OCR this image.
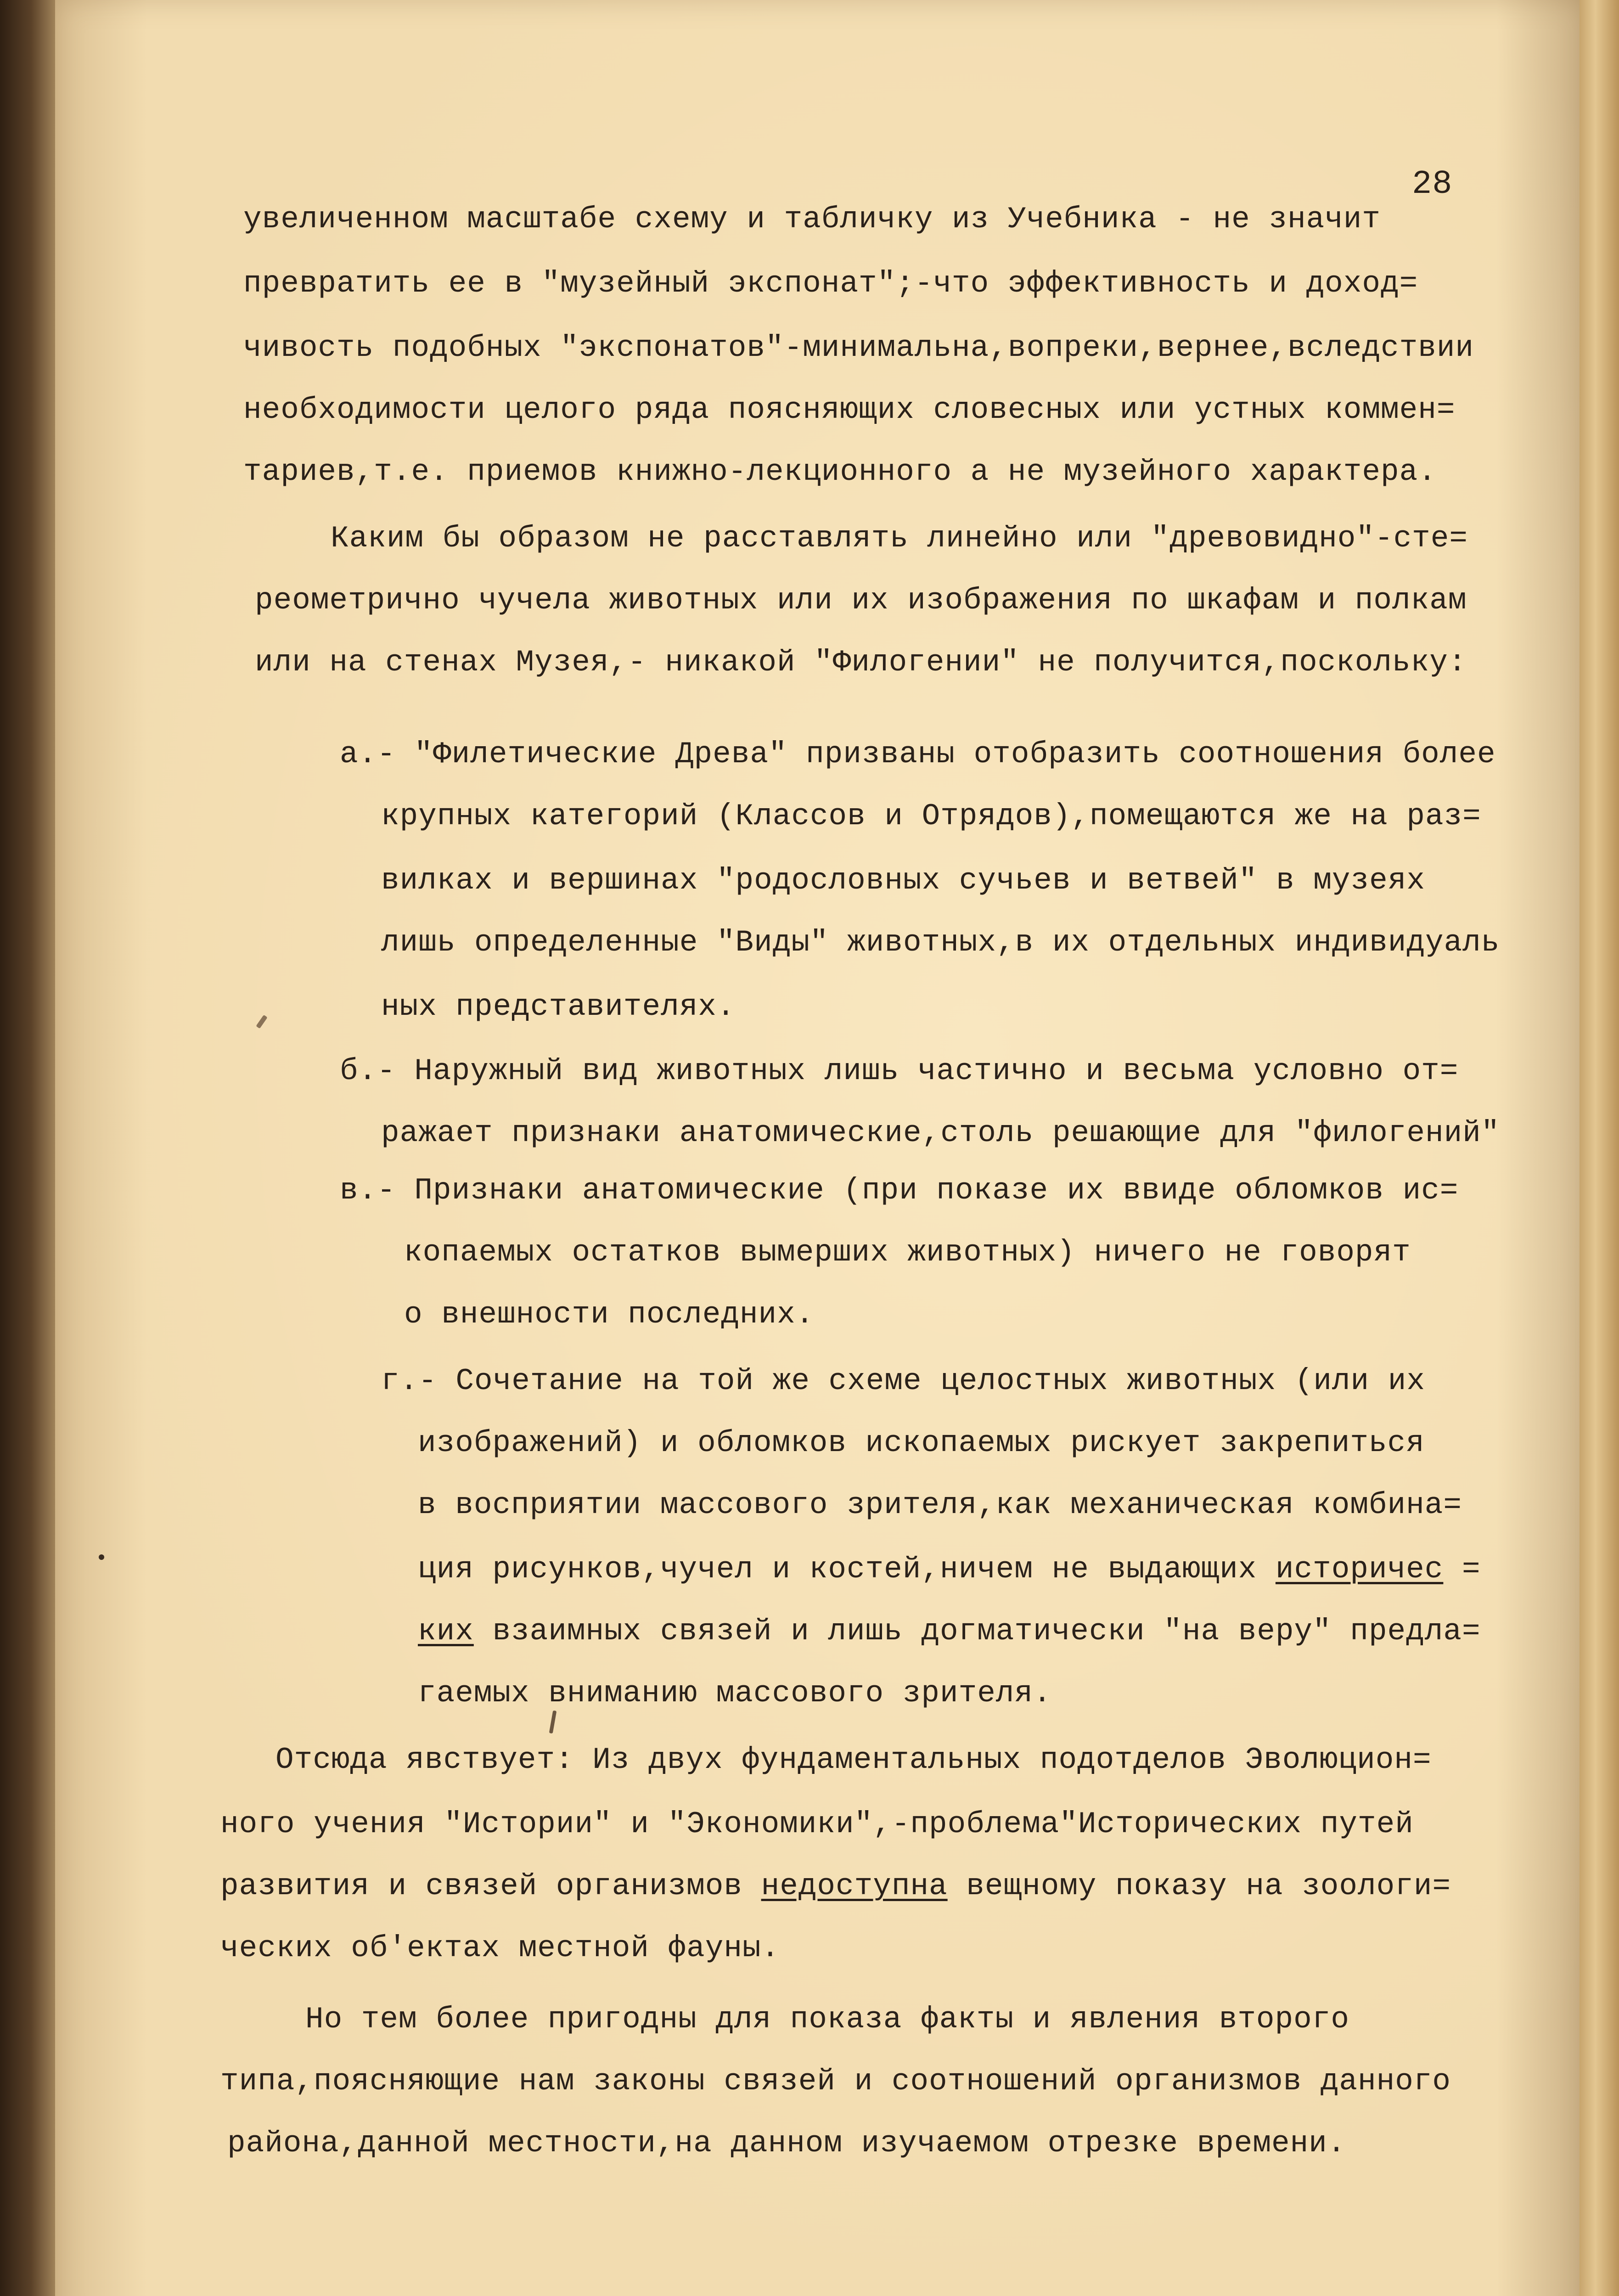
28
увеличенном масштабе схему и табличку из Учебника - не значит
превратить ее в "музейный экспонат";-что эффективность и доход=
чивость подобных "экспонатов"-минимальна,вопреки,вернее,вследствии
необходимости целого ряда поясняющих словесных или устных коммен=
тариев,т.е. приемов книжно-лекционного а не музейного характера.
Каким бы образом не расставлять линейно или "древовидно"-сте=
реометрично чучела животных или их изображения по шкафам и полкам
или на стенах Музея,- никакой "Филогении" не получится,поскольку:
а.- "Филетические Древа" призваны отобразить соотношения более
крупных категорий (Классов и Отрядов),помещаются же на раз=
вилках и вершинах "родословных сучьев и ветвей" в музеях
лишь определенные "Виды" животных,в их отдельных индивидуаль
ных представителях.
б.- Наружный вид животных лишь частично и весьма условно от=
ражает признаки анатомические,столь решающие для "филогений"
в.- Признаки анатомические (при показе их ввиде обломков ис=
копаемых остатков вымерших животных) ничего не говорят
о внешности последних.
г.- Сочетание на той же схеме целостных животных (или их
изображений) и обломков ископаемых рискует закрепиться
в восприятии массового зрителя,как механическая комбина=
ция рисунков,чучел и костей,ничем не выдающих историчес =
ких взаимных связей и лишь догматически "на веру" предла=
гаемых вниманию массового зрителя.
Отсюда явствует: Из двух фундаментальных подотделов Эволюцион=
ного учения "Истории" и "Экономики",-проблема"Исторических путей
развития и связей организмов недоступна вещному показу на зоологи=
ческих об'ектах местной фауны.
Но тем более пригодны для показа факты и явления второго
типа,поясняющие нам законы связей и соотношений организмов данного
района,данной местности,на данном изучаемом отрезке времени.
